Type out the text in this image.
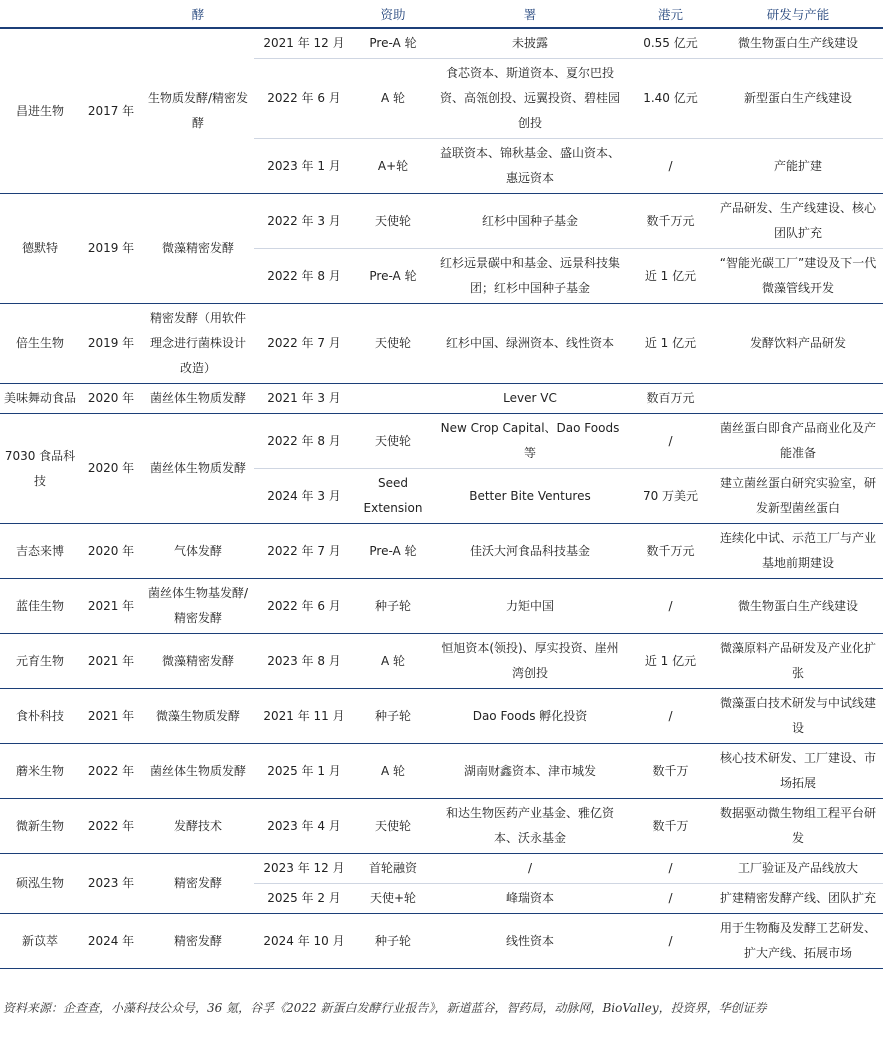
		酵		资助	署	港元	研发与产能
昌进生物	2017 年	生物质发酵/精密发酵	2021 年 12 月	Pre-A 轮	未披露	0.55 亿元	微生物蛋白生产线建设
			2022 年 6 月	A 轮	食芯资本、斯道资本、夏尔巴投资、高瓴创投、远翼投资、碧桂园创投	1.40 亿元	新型蛋白生产线建设
			2023 年 1 月	A+轮	益联资本、锦秋基金、盛山资本、惠远资本	/	产能扩建
德默特	2019 年	微藻精密发酵	2022 年 3 月	天使轮	红杉中国种子基金	数千万元	产品研发、生产线建设、核心团队扩充
			2022 年 8 月	Pre-A 轮	红杉远景碳中和基金、远景科技集团；红杉中国种子基金	近 1 亿元	“智能光碳工厂”建设及下一代微藻管线开发
倍生生物	2019 年	精密发酵（用软件理念进行菌株设计改造）	2022 年 7 月	天使轮	红杉中国、绿洲资本、线性资本	近 1 亿元	发酵饮料产品研发
美味舞动食品	2020 年	菌丝体生物质发酵	2021 年 3 月		Lever VC	数百万元	
7030 食品科技	2020 年	菌丝体生物质发酵	2022 年 8 月	天使轮	New Crop Capital、Dao Foods 等	/	菌丝蛋白即食产品商业化及产能准备
			2024 年 3 月	Seed Extension	Better Bite Ventures	70 万美元	建立菌丝蛋白研究实验室，研发新型菌丝蛋白
吉态来博	2020 年	气体发酵	2022 年 7 月	Pre-A 轮	佳沃大河食品科技基金	数千万元	连续化中试、示范工厂与产业基地前期建设
蓝佳生物	2021 年	菌丝体生物基发酵/精密发酵	2022 年 6 月	种子轮	力矩中国	/	微生物蛋白生产线建设
元育生物	2021 年	微藻精密发酵	2023 年 8 月	A 轮	恒旭资本(领投)、厚实投资、崖州湾创投	近 1 亿元	微藻原料产品研发及产业化扩张
食朴科技	2021 年	微藻生物质发酵	2021 年 11 月	种子轮	Dao Foods 孵化投资	/	微藻蛋白技术研发与中试线建设
蘑米生物	2022 年	菌丝体生物质发酵	2025 年 1 月	A 轮	湖南财鑫资本、津市城发	数千万	核心技术研发、工厂建设、市场拓展
微新生物	2022 年	发酵技术	2023 年 4 月	天使轮	和达生物医药产业基金、雅亿资本、沃永基金	数千万	数据驱动微生物组工程平台研发
硕泓生物	2023 年	精密发酵	2023 年 12 月	首轮融资	/	/	工厂验证及产品线放大
			2025 年 2 月	天使+轮	峰瑞资本	/	扩建精密发酵产线、团队扩充
新苡萃	2024 年	精密发酵	2024 年 10 月	种子轮	线性资本	/	用于生物酶及发酵工艺研发、扩大产线、拓展市场
资料来源：企查查，小藻科技公众号，36 氪，谷孚《2022 新蛋白发酵行业报告》，新道蓝谷，智药局，动脉网，BioValley，投资界，华创证券
